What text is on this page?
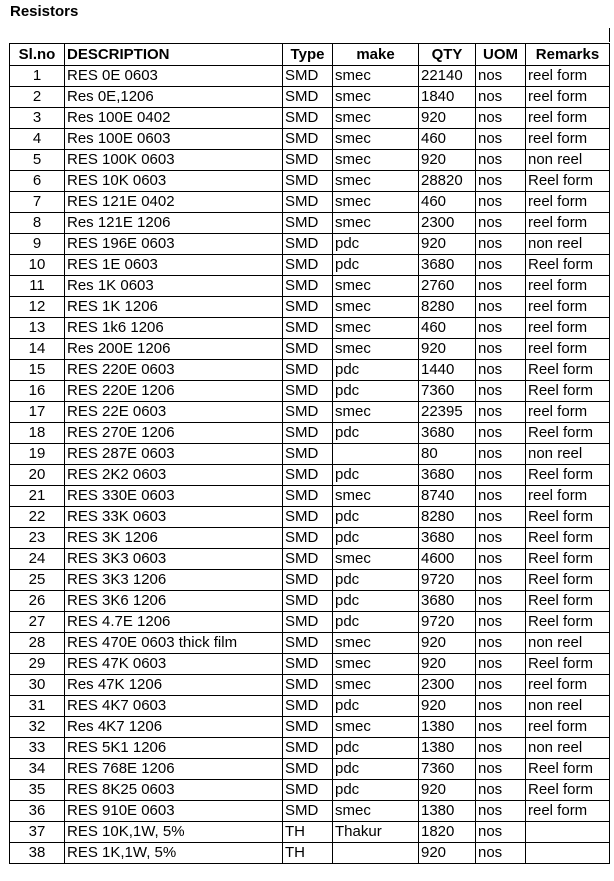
Resistors
Sl.no	DESCRIPTION	Type	make	QTY	UOM	Remarks
1	RES 0E 0603	SMD	smec	22140	nos	reel form
2	Res 0E,1206	SMD	smec	1840	nos	reel form
3	Res 100E 0402	SMD	smec	920	nos	reel form
4	Res 100E 0603	SMD	smec	460	nos	reel form
5	RES 100K 0603	SMD	smec	920	nos	non reel
6	RES 10K 0603	SMD	smec	28820	nos	Reel form
7	RES 121E 0402	SMD	smec	460	nos	reel form
8	Res 121E 1206	SMD	smec	2300	nos	reel form
9	RES 196E 0603	SMD	pdc	920	nos	non reel
10	RES 1E 0603	SMD	pdc	3680	nos	Reel form
11	Res 1K 0603	SMD	smec	2760	nos	reel form
12	RES 1K 1206	SMD	smec	8280	nos	reel form
13	RES 1k6 1206	SMD	smec	460	nos	reel form
14	Res 200E 1206	SMD	smec	920	nos	reel form
15	RES 220E 0603	SMD	pdc	1440	nos	Reel form
16	RES 220E 1206	SMD	pdc	7360	nos	Reel form
17	RES 22E 0603	SMD	smec	22395	nos	reel form
18	RES 270E 1206	SMD	pdc	3680	nos	Reel form
19	RES 287E 0603	SMD		80	nos	non reel
20	RES 2K2 0603	SMD	pdc	3680	nos	Reel form
21	RES 330E 0603	SMD	smec	8740	nos	reel form
22	RES 33K 0603	SMD	pdc	8280	nos	Reel form
23	RES 3K 1206	SMD	pdc	3680	nos	Reel form
24	RES 3K3 0603	SMD	smec	4600	nos	Reel form
25	RES 3K3 1206	SMD	pdc	9720	nos	Reel form
26	RES 3K6 1206	SMD	pdc	3680	nos	Reel form
27	RES 4.7E 1206	SMD	pdc	9720	nos	Reel form
28	RES 470E 0603 thick film	SMD	smec	920	nos	non reel
29	RES 47K 0603	SMD	smec	920	nos	Reel form
30	Res 47K 1206	SMD	smec	2300	nos	reel form
31	RES 4K7 0603	SMD	pdc	920	nos	non reel
32	Res 4K7 1206	SMD	smec	1380	nos	reel form
33	RES 5K1 1206	SMD	pdc	1380	nos	non reel
34	RES 768E 1206	SMD	pdc	7360	nos	Reel form
35	RES 8K25 0603	SMD	pdc	920	nos	Reel form
36	RES 910E 0603	SMD	smec	1380	nos	reel form
37	RES 10K,1W, 5%	TH	Thakur	1820	nos	
38	RES 1K,1W, 5%	TH		920	nos	
